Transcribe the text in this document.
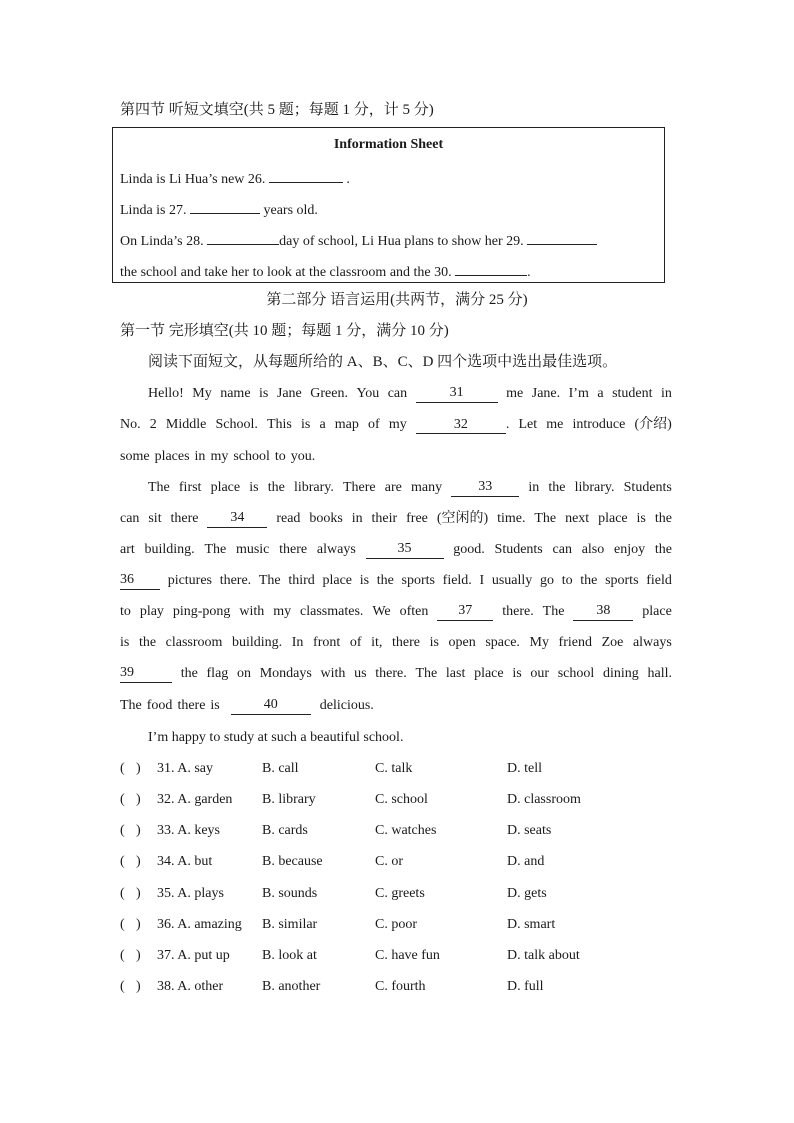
第四节 听短文填空(共 5 题；每题 1 分，计 5 分)
Information Sheet
Linda is Li Hua’s new 26.	.
Linda is 27.	years old.
On Linda’s 28.	day of school, Li Hua plans to show her 29.
the school and take her to look at the classroom and the 30.	.
第二部分 语言运用(共两节，满分 25 分)
第一节 完形填空(共 10 题；每题 1 分，满分 10 分)
阅读下面短文，从每题所给的 A、B、C、D 四个选项中选出最佳选项。
Hello! My name is Jane Green. You can	31	me Jane. I’m a student in
No. 2 Middle School. This is a map of my	32	. Let me introduce (介绍)
some places in my school to you.
The first place is the library. There are many	33	in the library. Students
can sit there	34	read books in their free (空闲的) time. The next place is the
art building. The music there always	35	good. Students can also enjoy the
36	pictures there. The third place is the sports field. I usually go to the sports field
to play ping-pong with my classmates. We often	37	there. The	38	place
is the classroom building. In front of it, there is open space. My friend Zoe always
39	the flag on Mondays with us there. The last place is our school dining hall.
The food there is	40	delicious.
I’m happy to study at such a beautiful school.
( ) 31. A. say	B. call	C. talk	D. tell
( ) 32. A. garden B. library	C. school	D. classroom
( ) 33. A. keys	B. cards	C. watches	D. seats
( ) 34. A. but	B. because	C. or	D. and
( ) 35. A. plays	B. sounds	C. greets	D. gets
( ) 36. A. amazing B. similar	C. poor	D. smart
( ) 37. A. put up B. look at	C. have fun	D. talk about
( ) 38. A. other	B. another	C. fourth	D. full
